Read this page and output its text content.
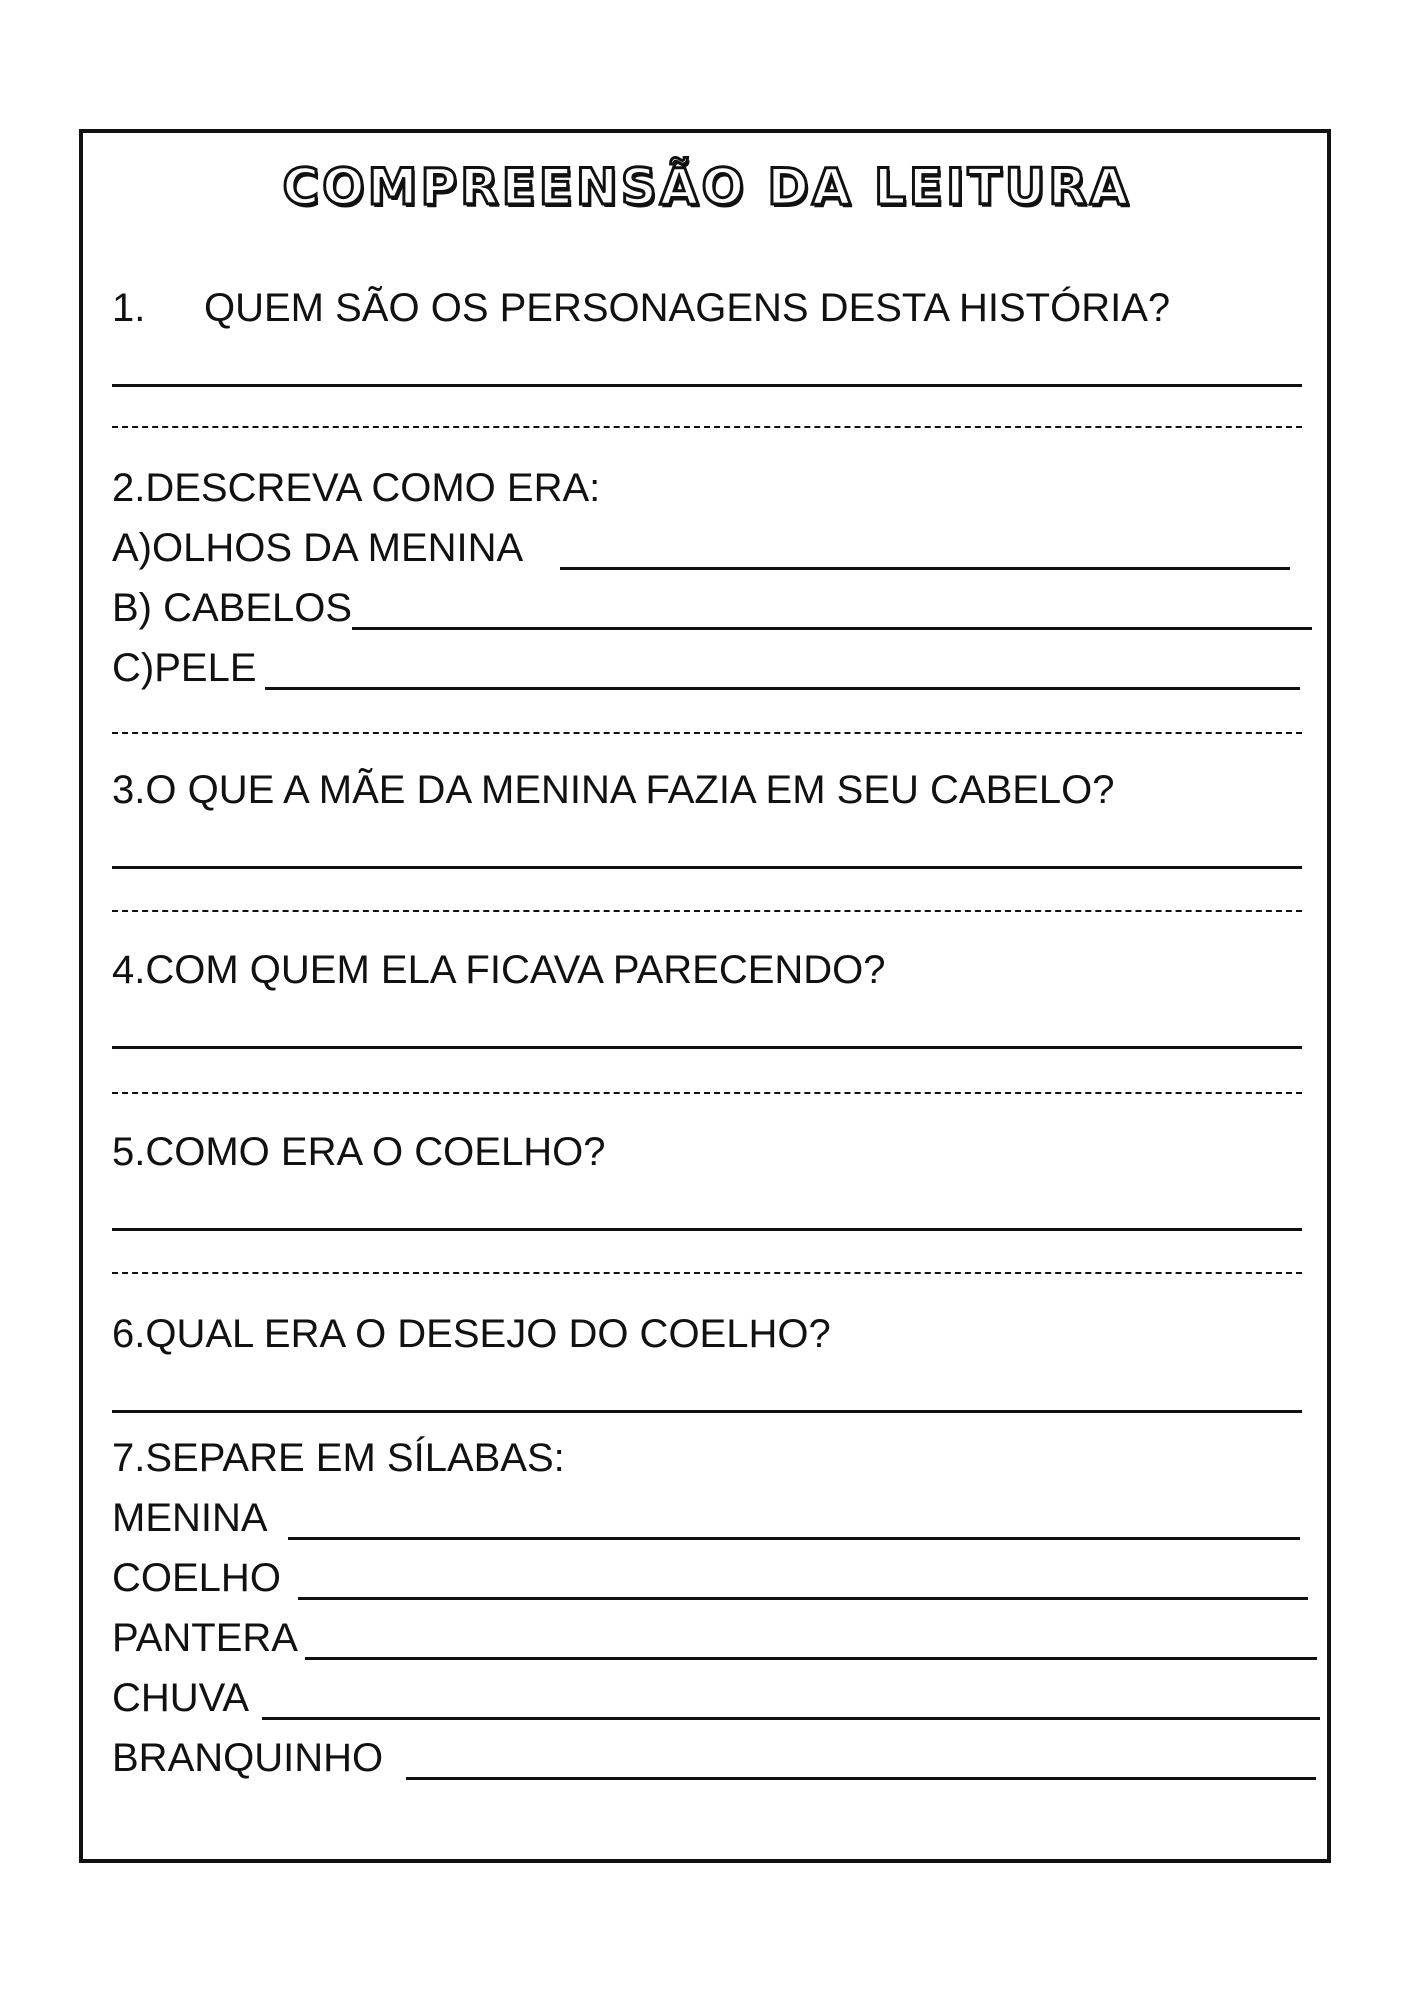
COMPREENSÃO DA LEITURA
1. QUEM SÃO OS PERSONAGENS DESTA HISTÓRIA?
2.DESCREVA COMO ERA:
A)OLHOS DA MENINA
B) CABELOS
C)PELE
3.O QUE A MÃE DA MENINA FAZIA EM SEU CABELO?
4.COM QUEM ELA FICAVA PARECENDO?
5.COMO ERA O COELHO?
6.QUAL ERA O DESEJO DO COELHO?
7.SEPARE EM SÍLABAS:
MENINA
COELHO
PANTERA
CHUVA
BRANQUINHO
